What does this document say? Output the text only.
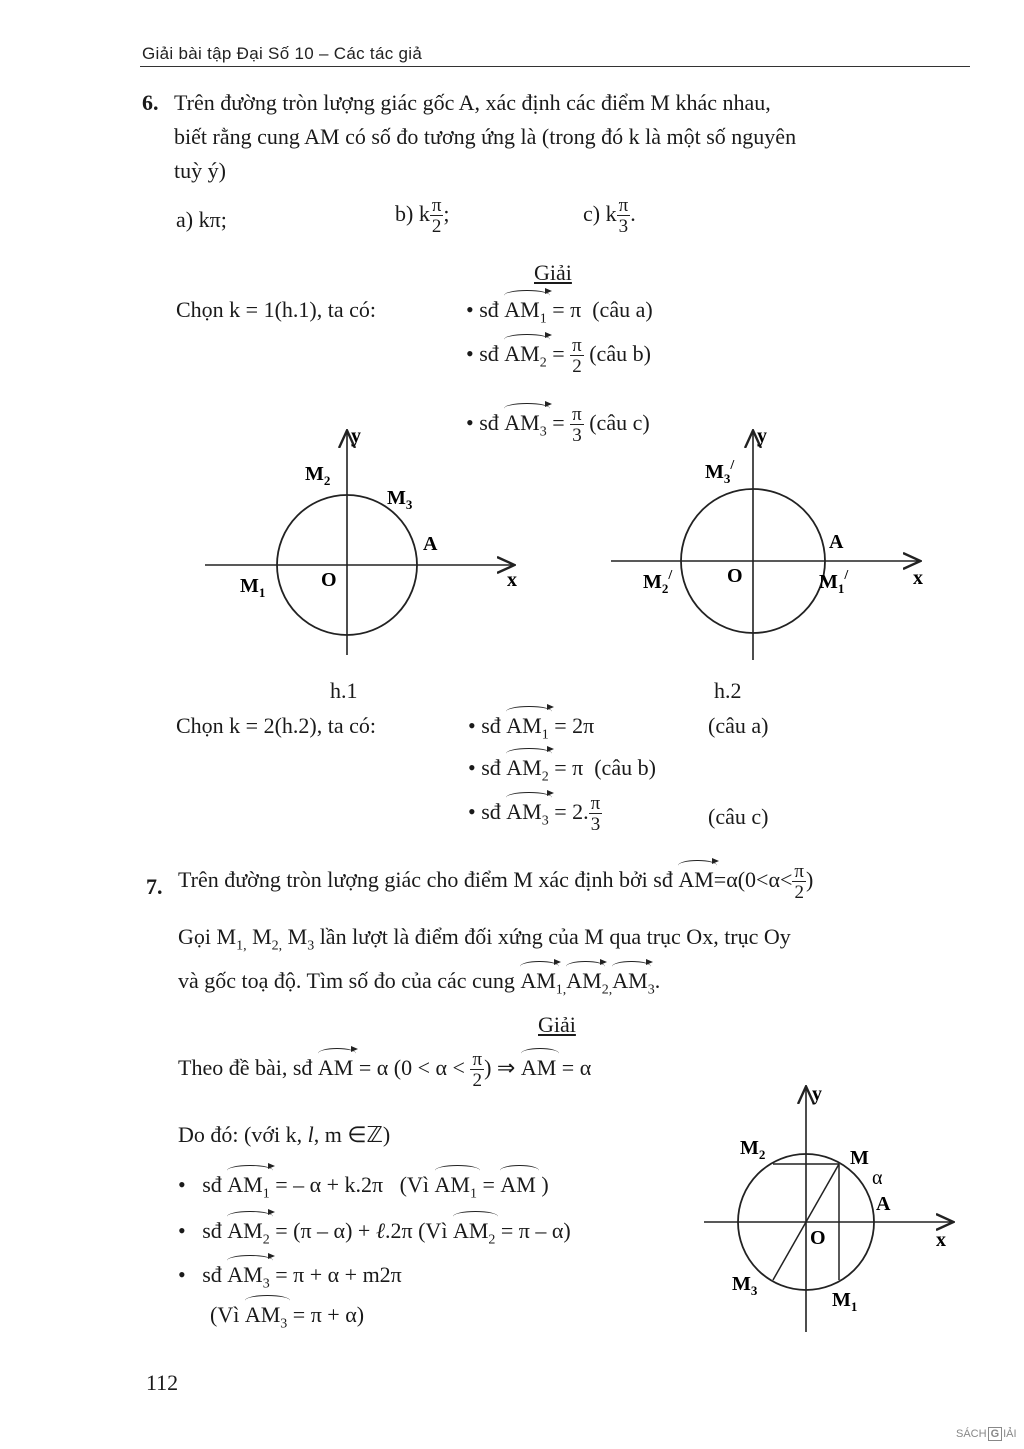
Giải bài tập Đại Số 10 – Các tác giả
6. Trên đường tròn lượng giác gốc A, xác định các điểm M khác nhau,
biết rằng cung AM có số đo tương ứng là (trong đó k là một số nguyên
tuỳ ý)
a) kπ;	b) k $\frac{\pi}{2}$ ;	c) k $\frac{\pi}{3}$ .
Giải
Chọn k = 1(h.1), ta có:	• sđ $AM_1 = \pi$ (câu a)
• sđ $AM_2 = \frac{\pi}{2}$ (câu b)
• sđ $AM_3 = \frac{\pi}{3}$ (câu c)
y
x
O
A
$M_1$
$M_2$
$M_3$
h.1
y
x
O
A
$M_1^/$
$M_2^/$
$M_3^/$
h.2
Chọn k = 2(h.2), ta có:	• sđ $AM_1 = 2\pi$	(câu a)
• sđ $AM_2 = \pi$ (câu b)
• sđ $AM_3 = 2$. $\frac{\pi}{3}$	(câu c)
7. Trên đường tròn lượng giác cho điểm M xác định bởi sđ $AM=\alpha(0<\alpha< \frac{\pi}{2}$ )
Gọi $M_{1,}$ $M_{2,}$ $M_3$ lần lượt là điểm đối xứng của M qua trục Ox, trục Oy
và gốc toạ độ. Tìm số đo của các cung $AM_{1,}AM_{2,}AM_3$.
Giải
Theo đề bài, sđ AM = α ($0 < \alpha < \frac{\pi}{2}$ ) ⇒ AM = α
Do đó: (với k, l, m ∈ℤ)
• sđ $AM_1$ = – α + k.2π (Vì $AM_1$ = AM )
• sđ $AM_2 = (\pi - \alpha)$ + ℓ.2π (Vì $AM_2 = \pi - \alpha$)
• sđ $AM_3 = \pi + \alpha + m2\pi$
(Vì $AM_3 = \pi + \alpha$)
y
x
O
A
M
α
$M_2$
$M_1$
$M_3$
112
SÁCH G IẢI
